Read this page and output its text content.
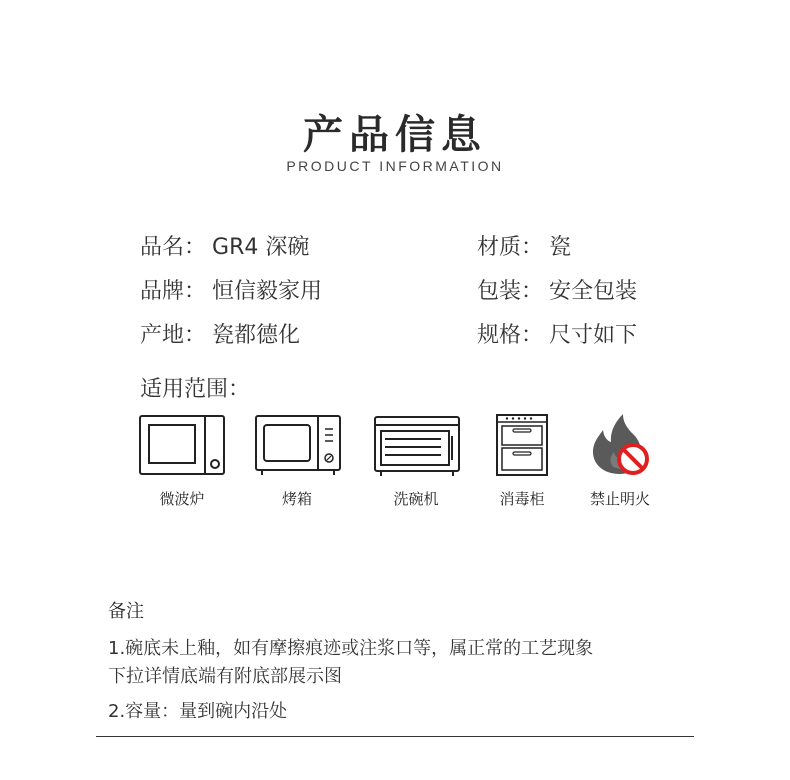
产品信息
PRODUCT INFORMATION
品名： GR4 深碗
品牌： 恒信毅家用
产地： 瓷都德化
材质： 瓷
包装： 安全包装
规格： 尺寸如下
适用范围：
微波炉	烤箱	洗碗机	消毒柜	禁止明火
备注
1.碗底未上釉，如有摩擦痕迹或注浆口等，属正常的工艺现象
下拉详情底端有附底部展示图
2.容量：量到碗内沿处
